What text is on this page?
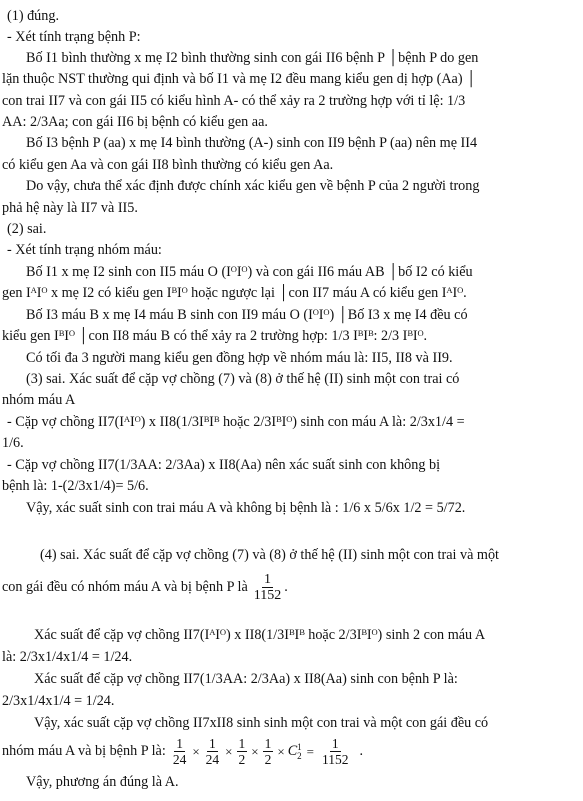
(1) đúng.
- Xét tính trạng bệnh P:
Bố I1 bình thường x mẹ I2 bình thường sinh con gái II6 bệnh P │bệnh P do gen
lặn thuộc NST thường qui định và bố I1 và mẹ I2 đều mang kiểu gen dị hợp (Aa) │
con trai II7 và con gái II5 có kiểu hình A- có thể xảy ra 2 trường hợp với tỉ lệ: 1/3
AA: 2/3Aa; con gái II6 bị bệnh có kiểu gen aa.
Bố I3 bệnh P (aa) x mẹ I4 bình thường (A-) sinh con II9 bệnh P (aa) nên mẹ II4
có kiểu gen Aa và con gái II8 bình thường có kiểu gen Aa.
Do vậy, chưa thể xác định được chính xác kiểu gen về bệnh P của 2 người trong
phả hệ này là II7 và II5.
(2) sai.
- Xét tính trạng nhóm máu:
Bố I1 x mẹ I2 sinh con II5 máu O (IᴼIᴼ) và con gái II6 máu AB │bố I2 có kiểu
gen IᴬIᴼ x mẹ I2 có kiểu gen IᴮIᴼ hoặc ngược lại │con II7 máu A có kiểu gen IᴬIᴼ.
Bố I3 máu B x mẹ I4 máu B sinh con II9 máu O (IᴼIᴼ) │Bố I3 x mẹ I4 đều có
kiểu gen IᴮIᴼ │con II8 máu B có thể xảy ra 2 trường hợp: 1/3 IᴮIᴮ: 2/3 IᴮIᴼ.
Có tối đa 3 người mang kiểu gen đồng hợp về nhóm máu là: II5, II8 và II9.
(3) sai. Xác suất để cặp vợ chồng (7) và (8) ở thế hệ (II) sinh một con trai có
nhóm máu A
- Cặp vợ chồng II7(IᴬIᴼ) x II8(1/3IᴮIᴮ hoặc 2/3IᴮIᴼ) sinh con máu A là: 2/3x1/4 =
1/6.
- Cặp vợ chồng II7(1/3AA: 2/3Aa) x II8(Aa) nên xác suất sinh con không bị
bệnh là: 1-(2/3x1/4)= 5/6.
Vậy, xác suất sinh con trai máu A và không bị bệnh là : 1/6 x 5/6x 1/2 = 5/72.
(4) sai. Xác suất để cặp vợ chồng (7) và (8) ở thế hệ (II) sinh một con trai và một
con gái đều có nhóm máu A và bị bệnh P là $\frac{1}{1152}$ .
Xác suất để cặp vợ chồng II7(IᴬIᴼ) x II8(1/3IᴮIᴮ hoặc 2/3IᴮIᴼ) sinh 2 con máu A
là: 2/3x1/4x1/4 = 1/24.
Xác suất để cặp vợ chồng II7(1/3AA: 2/3Aa) x II8(Aa) sinh con bệnh P là:
2/3x1/4x1/4 = 1/24.
Vậy, xác suất cặp vợ chồng II7xII8 sinh sinh một con trai và một con gái đều có
nhóm máu A và bị bệnh P là: $\frac{1}{24} \times \frac{1}{24} \times \frac{1}{2} \times \frac{1}{2} \times C$ 1
$2 = \frac{1}{1152}$ .
Vậy, phương án đúng là A.
